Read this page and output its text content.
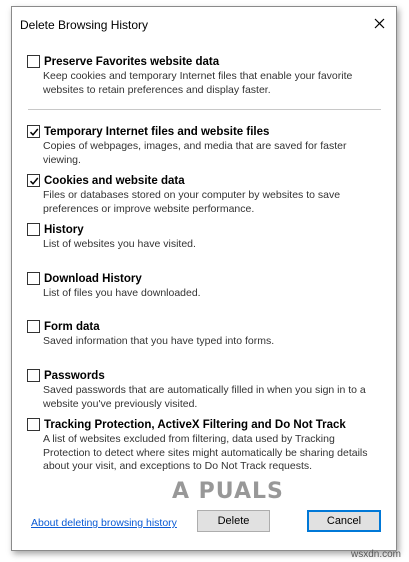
Delete Browsing History
Preserve Favorites website data
Keep cookies and temporary Internet files that enable your favorite websites to retain preferences and display faster.
Temporary Internet files and website files
Copies of webpages, images, and media that are saved for faster viewing.
Cookies and website data
Files or databases stored on your computer by websites to save preferences or improve website performance.
History
List of websites you have visited.
Download History
List of files you have downloaded.
Form data
Saved information that you have typed into forms.
Passwords
Saved passwords that are automatically filled in when you sign in to a website you've previously visited.
Tracking Protection, ActiveX Filtering and Do Not Track
A list of websites excluded from filtering, data used by Tracking Protection to detect where sites might automatically be sharing details about your visit, and exceptions to Do Not Track requests.
A PUALS
About deleting browsing history	Delete	Cancel
wsxdn.com
